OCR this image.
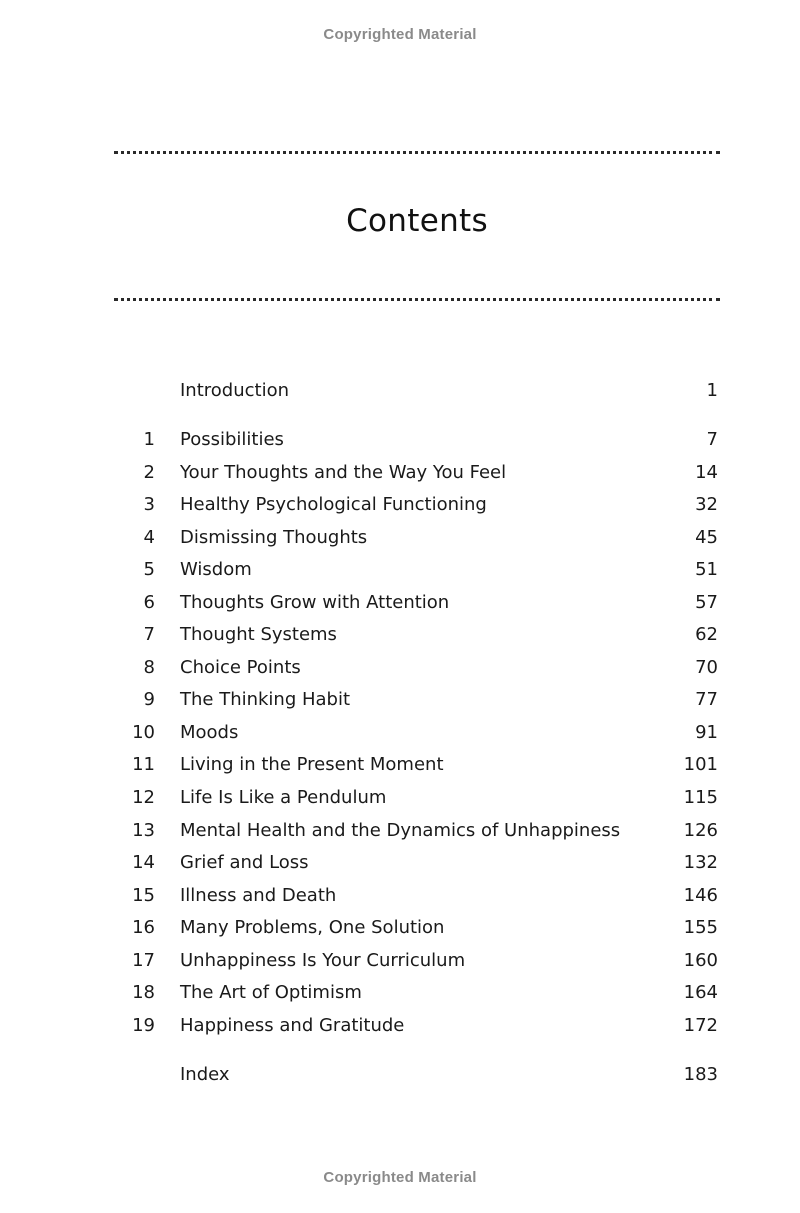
Copyrighted Material
Contents
Introduction	1
1 Possibilities	7
2 Your Thoughts and the Way You Feel	14
3 Healthy Psychological Functioning	32
4 Dismissing Thoughts	45
5 Wisdom	51
6 Thoughts Grow with Attention	57
7 Thought Systems	62
8 Choice Points	70
9 The Thinking Habit	77
10 Moods	91
11 Living in the Present Moment	101
12 Life Is Like a Pendulum	115
13 Mental Health and the Dynamics of Unhappiness	126
14 Grief and Loss	132
15 Illness and Death	146
16 Many Problems, One Solution	155
17 Unhappiness Is Your Curriculum	160
18 The Art of Optimism	164
19 Happiness and Gratitude	172
Index	183
Copyrighted Material
